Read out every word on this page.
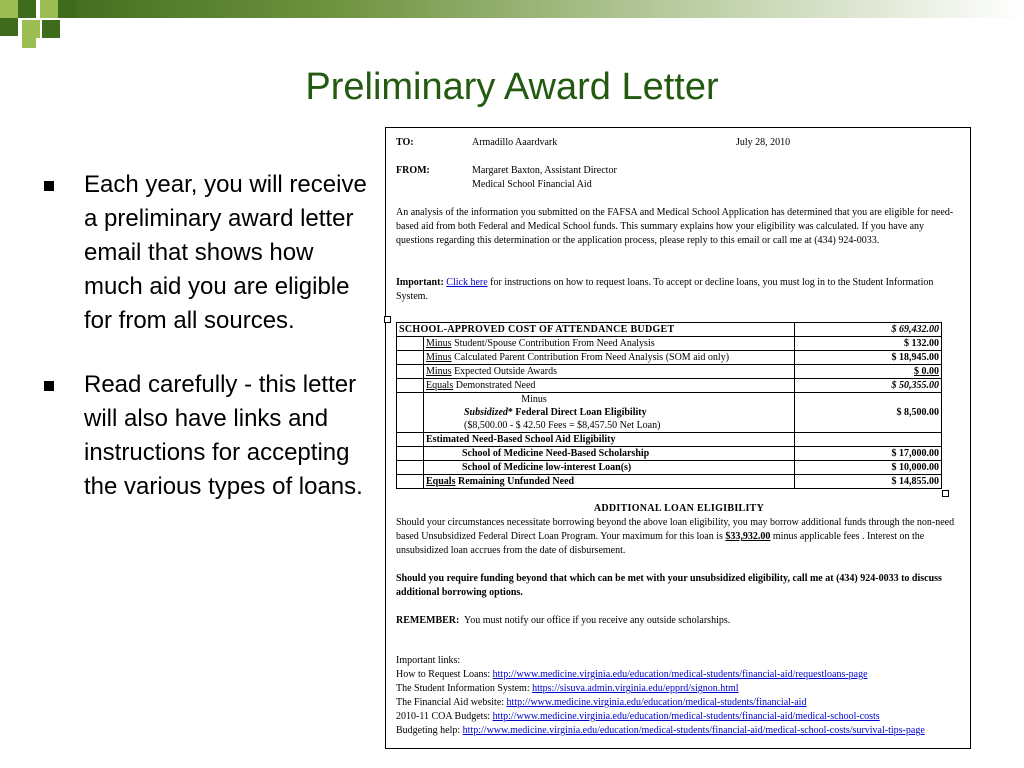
Preliminary Award Letter
Each year, you will receive a preliminary award letter email that shows how much aid you are eligible for from all sources.
Read carefully - this letter will also have links and instructions for accepting the various types of loans.
TO:	Armadillo Aaardvark	July 28, 2010
FROM:	Margaret Baxton, Assistant Director
Medical School Financial Aid

An analysis of the information you submitted on the FAFSA and Medical School Application has determined that you are eligible for need-based aid from both Federal and Medical School funds. This summary explains how your eligibility was calculated. If you have any questions regarding this determination or the application process, please reply to this email or call me at (434) 924-0033.

Important: Click here for instructions on how to request loans. To accept or decline loans, you must log in to the Student Information System.

SCHOOL-APPROVED COST OF ATTENDANCE BUDGET		$ 69,432.00
	Minus Student/Spouse Contribution From Need Analysis	$ 132.00
	Minus Calculated Parent Contribution From Need Analysis (SOM aid only)	$ 18,945.00
	Minus Expected Outside Awards	$ 0.00
	Equals Demonstrated Need	$ 50,355.00

	Minus
Subsidized* Federal Direct Loan Eligibility
($8,500.00 - $ 42.50 Fees = $8,457.50 Net Loan)	$ 8,500.00
	Estimated Need-Based School Aid Eligibility	
	School of Medicine Need-Based Scholarship	$ 17,000.00
	School of Medicine low-interest Loan(s)	$ 10,000.00
	Equals Remaining Unfunded Need	$ 14,855.00
ADDITIONAL LOAN ELIGIBILITY

Should your circumstances necessitate borrowing beyond the above loan eligibility, you may borrow additional funds through the non-need based Unsubsidized Federal Direct Loan Program. Your maximum for this loan is $33,932.00 minus applicable fees . Interest on the unsubsidized loan accrues from the date of disbursement.

Should you require funding beyond that which can be met with your unsubsidized eligibility, call me at (434) 924-0033 to discuss additional borrowing options.

REMEMBER: You must notify our office if you receive any outside scholarships.

Important links:
How to Request Loans: http://www.medicine.virginia.edu/education/medical-students/financial-aid/requestloans-page
The Student Information System: https://sisuva.admin.virginia.edu/epprd/signon.html
The Financial Aid website: http://www.medicine.virginia.edu/education/medical-students/financial-aid
2010-11 COA Budgets: http://www.medicine.virginia.edu/education/medical-students/financial-aid/medical-school-costs
Budgeting help: http://www.medicine.virginia.edu/education/medical-students/financial-aid/medical-school-costs/survival-tips-page
